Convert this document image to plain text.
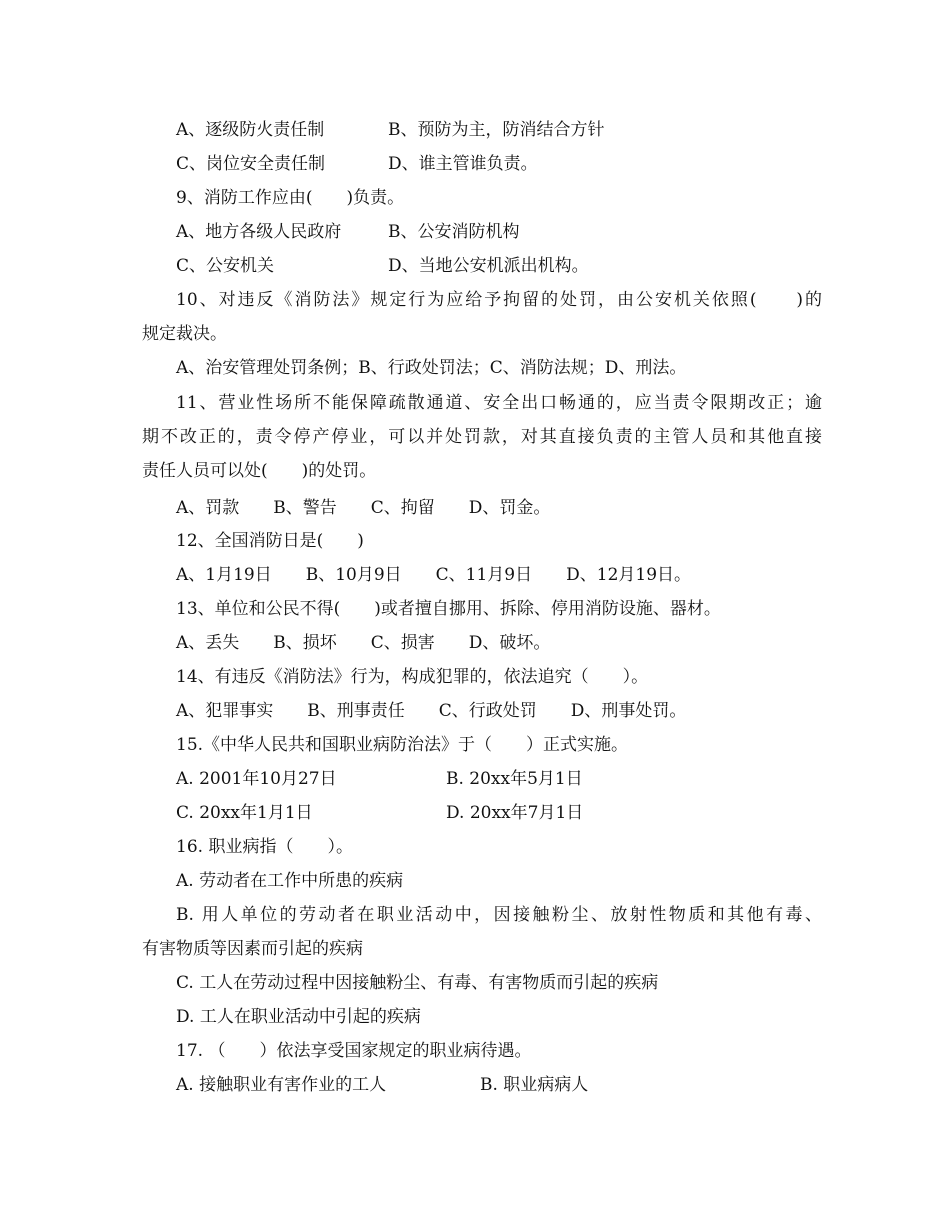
A、逐级防火责任制	B、预防为主，防消结合方针
C、岗位安全责任制	D、谁主管谁负责。
9、消防工作应由(　　)负责。
A、地方各级人民政府	B、公安消防机构
C、公安机关	D、当地公安机派出机构。
10、对违反《消防法》规定行为应给予拘留的处罚，由公安机关依照(　　)的
规定裁决。
A、治安管理处罚条例；B、行政处罚法；C、消防法规；D、刑法。
11、营业性场所不能保障疏散通道、安全出口畅通的，应当责令限期改正；逾
期不改正的，责令停产停业，可以并处罚款，对其直接负责的主管人员和其他直接
责任人员可以处(　　)的处罚。
A、罚款　　B、警告　　C、拘留　　D、罚金。
12、全国消防日是(　　)
A、1月19日　　B、10月9日　　C、11月9日　　D、12月19日。
13、单位和公民不得(　　)或者擅自挪用、拆除、停用消防设施、器材。
A、丢失　　B、损坏　　C、损害　　D、破坏。
14、有违反《消防法》行为，构成犯罪的，依法追究（　　）。
A、犯罪事实　　B、刑事责任　　C、行政处罚　　D、刑事处罚。
15.《中华人民共和国职业病防治法》于（　　）正式实施。
A. 2001年10月27日	B. 20xx年5月1日
C. 20xx年1月1日	D. 20xx年7月1日
16. 职业病指（　　）。
A. 劳动者在工作中所患的疾病
B. 用人单位的劳动者在职业活动中，因接触粉尘、放射性物质和其他有毒、
有害物质等因素而引起的疾病
C. 工人在劳动过程中因接触粉尘、有毒、有害物质而引起的疾病
D. 工人在职业活动中引起的疾病
17. （　　）依法享受国家规定的职业病待遇。
A. 接触职业有害作业的工人	B. 职业病病人
